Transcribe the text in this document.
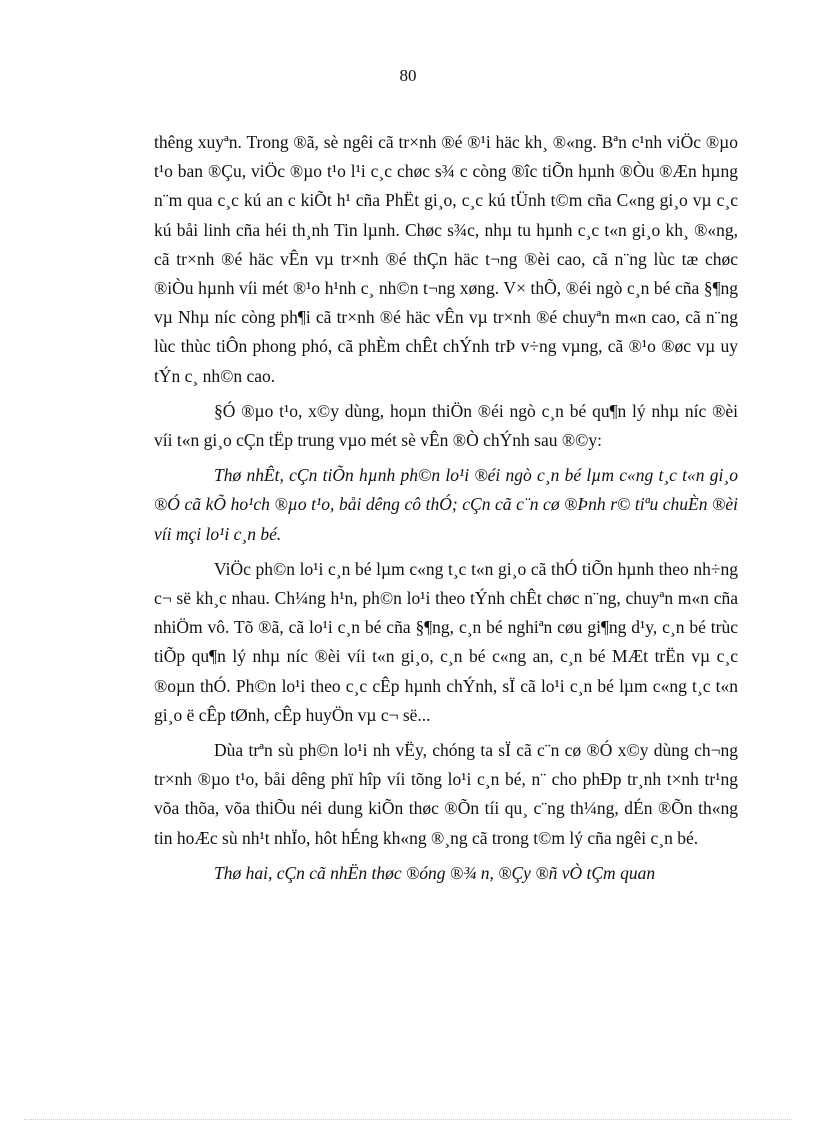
80

thêng xuyªn. Trong ®ã, sè ngêi cã tr×nh ®é ®¹i häc kh¸ ®«ng. Bªn c¹nh viÖc ®µo t¹o ban ®Çu, viÖc ®µo t¹o l¹i c¸c chøc s¾ c còng ®îc tiÕn hµnh ®Òu ®Æn hµng n¨m qua c¸c kú an c kiÕt h¹ cña PhËt gi¸o, c¸c kú tÜnh t©m cña C«ng gi¸o vµ c¸c kú båi linh cña héi th¸nh Tin lµnh. Chøc s¾c, nhµ tu hµnh c¸c t«n gi¸o kh¸ ®«ng, cã tr×nh ®é häc vÊn vµ tr×nh ®é thÇn häc t¬ng ®èi cao, cã n¨ng lùc tæ chøc ®iÒu hµnh víi mét ®¹o h¹nh c¸ nh©n t¬ng xøng. V× thÕ, ®éi ngò c¸n bé cña §¶ng vµ Nhµ níc còng ph¶i cã tr×nh ®é häc vÊn vµ tr×nh ®é chuyªn m«n cao, cã n¨ng lùc thùc tiÔn phong phó, cã phÈm chÊt chÝnh trÞ v÷ng vµng, cã ®¹o ®øc vµ uy tÝn c¸ nh©n cao.

§Ó ®µo t¹o, x©y dùng, hoµn thiÖn ®éi ngò c¸n bé qu¶n lý nhµ níc ®èi víi t«n gi¸o cÇn tËp trung vµo mét sè vÊn ®Ò chÝnh sau ®©y:

Thø nhÊt, cÇn tiÕn hµnh ph©n lo¹i ®éi ngò c¸n bé lµm c«ng t¸c t«n gi¸o ®Ó cã kÕ ho¹ch ®µo t¹o, båi dêng cô thÓ; cÇn cã c¨n cø ®Þnh r© tiªu chuÈn ®èi víi mçi lo¹i c¸n bé.

ViÖc ph©n lo¹i c¸n bé lµm c«ng t¸c t«n gi¸o cã thÓ tiÕn hµnh theo nh÷ng c¬ së kh¸c nhau. Ch¼ng h¹n, ph©n lo¹i theo tÝnh chÊt chøc n¨ng, chuyªn m«n cña nhiÖm vô. Tõ ®ã, cã lo¹i c¸n bé cña §¶ng, c¸n bé nghiªn cøu gi¶ng d¹y, c¸n bé trùc tiÕp qu¶n lý nhµ níc ®èi víi t«n gi¸o, c¸n bé c«ng an, c¸n bé MÆt trËn vµ c¸c ®oµn thÓ. Ph©n lo¹i theo c¸c cÊp hµnh chÝnh, sÏ cã lo¹i c¸n bé lµm c«ng t¸c t«n gi¸o ë cÊp tØnh, cÊp huyÖn vµ c¬ së...

Dùa trªn sù ph©n lo¹i nh vËy, chóng ta sÏ cã c¨n cø ®Ó x©y dùng ch¬ng tr×nh ®µo t¹o, båi dêng phï hîp víi tõng lo¹i c¸n bé, n¨ cho phÐp tr¸nh t×nh tr¹ng võa thõa, võa thiÕu néi dung kiÕn thøc ®Õn tíi qu¸ c¨ng th¼ng, dÉn ®Õn th«ng tin hoÆc sù nh¹t nhÏo, hôt hÉng kh«ng ®¸ng cã trong t©m lý cña ngêi c¸n bé.

Thø hai, cÇn cã nhËn thøc ®óng ®¾ n, ®Çy ®ñ vÒ tÇm quan
